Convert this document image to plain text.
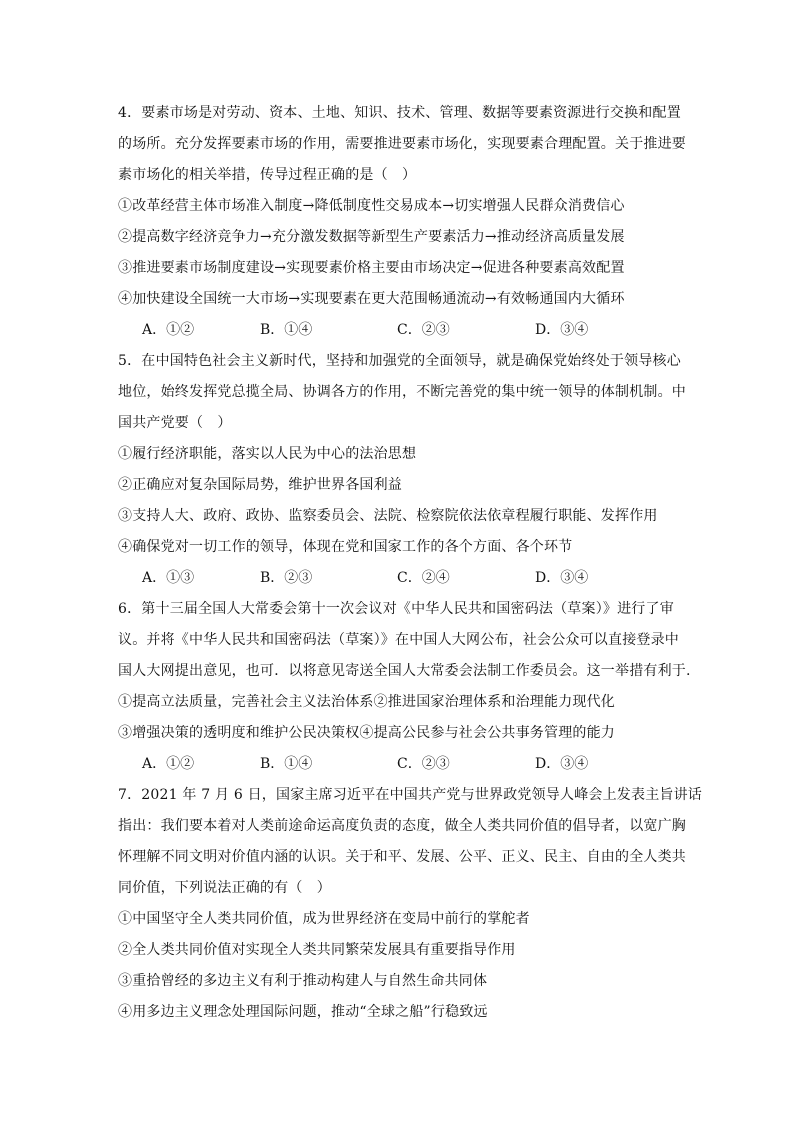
4．要素市场是对劳动、资本、土地、知识、技术、管理、数据等要素资源进行交换和配置
的场所。充分发挥要素市场的作用，需要推进要素市场化，实现要素合理配置。关于推进要
素市场化的相关举措，传导过程正确的是（　）
①改革经营主体市场准入制度→降低制度性交易成本→切实增强人民群众消费信心
②提高数字经济竞争力→充分激发数据等新型生产要素活力→推动经济高质量发展
③推进要素市场制度建设→实现要素价格主要由市场决定→促进各种要素高效配置
④加快建设全国统一大市场→实现要素在更大范围畅通流动→有效畅通国内大循环
A．①②	B．①④	C．②③	D．③④
5．在中国特色社会主义新时代，坚持和加强党的全面领导，就是确保党始终处于领导核心
地位，始终发挥党总揽全局、协调各方的作用，不断完善党的集中统一领导的体制机制。中
国共产党要（　）
①履行经济职能，落实以人民为中心的法治思想
②正确应对复杂国际局势，维护世界各国利益
③支持人大、政府、政协、监察委员会、法院、检察院依法依章程履行职能、发挥作用
④确保党对一切工作的领导，体现在党和国家工作的各个方面、各个环节
A．①③	B．②③	C．②④	D．③④
6．第十三届全国人大常委会第十一次会议对《中华人民共和国密码法（草案）》进行了审
议。并将《中华人民共和国密码法（草案）》在中国人大网公布，社会公众可以直接登录中
国人大网提出意见，也可．以将意见寄送全国人大常委会法制工作委员会。这一举措有利于.
①提高立法质量，完善社会主义法治体系②推进国家治理体系和治理能力现代化
③增强决策的透明度和维护公民决策权④提高公民参与社会公共事务管理的能力
A．①②	B．①④	C．②③	D．③④
7．2021 年 7 月 6 日，国家主席习近平在中国共产党与世界政党领导人峰会上发表主旨讲话
指出：我们要本着对人类前途命运高度负责的态度，做全人类共同价值的倡导者，以宽广胸
怀理解不同文明对价值内涵的认识。关于和平、发展、公平、正义、民主、自由的全人类共
同价值，下列说法正确的有（　）
①中国坚守全人类共同价值，成为世界经济在变局中前行的掌舵者
②全人类共同价值对实现全人类共同繁荣发展具有重要指导作用
③重拾曾经的多边主义有利于推动构建人与自然生命共同体
④用多边主义理念处理国际问题，推动“全球之船”行稳致远
